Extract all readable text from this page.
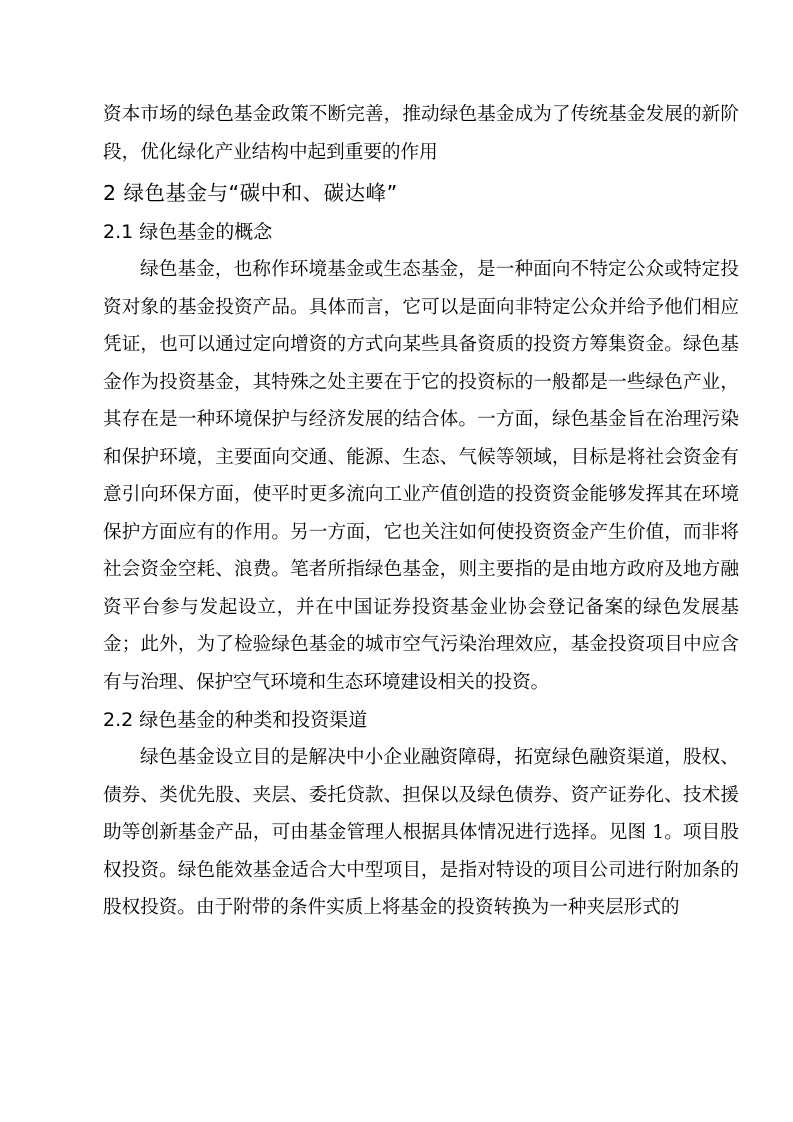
资本市场的绿色基金政策不断完善，推动绿色基金成为了传统基金发展的新阶段，优化绿化产业结构中起到重要的作用

2 绿色基金与“碳中和、碳达峰”
2.1 绿色基金的概念

绿色基金，也称作环境基金或生态基金，是一种面向不特定公众或特定投资对象的基金投资产品。具体而言，它可以是面向非特定公众并给予他们相应凭证，也可以通过定向增资的方式向某些具备资质的投资方筹集资金。绿色基金作为投资基金，其特殊之处主要在于它的投资标的一般都是一些绿色产业，其存在是一种环境保护与经济发展的结合体。一方面，绿色基金旨在治理污染和保护环境，主要面向交通、能源、生态、气候等领域，目标是将社会资金有意引向环保方面，使平时更多流向工业产值创造的投资资金能够发挥其在环境保护方面应有的作用。另一方面，它也关注如何使投资资金产生价值，而非将社会资金空耗、浪费。笔者所指绿色基金，则主要指的是由地方政府及地方融资平台参与发起设立，并在中国证券投资基金业协会登记备案的绿色发展基金；此外，为了检验绿色基金的城市空气污染治理效应，基金投资项目中应含有与治理、保护空气环境和生态环境建设相关的投资。

2.2 绿色基金的种类和投资渠道

绿色基金设立目的是解决中小企业融资障碍，拓宽绿色融资渠道，股权、债券、类优先股、夹层、委托贷款、担保以及绿色债券、资产证券化、技术援助等创新基金产品，可由基金管理人根据具体情况进行选择。见图 1。项目股权投资。绿色能效基金适合大中型项目，是指对特设的项目公司进行附加条的股权投资。由于附带的条件实质上将基金的投资转换为一种夹层形式的
